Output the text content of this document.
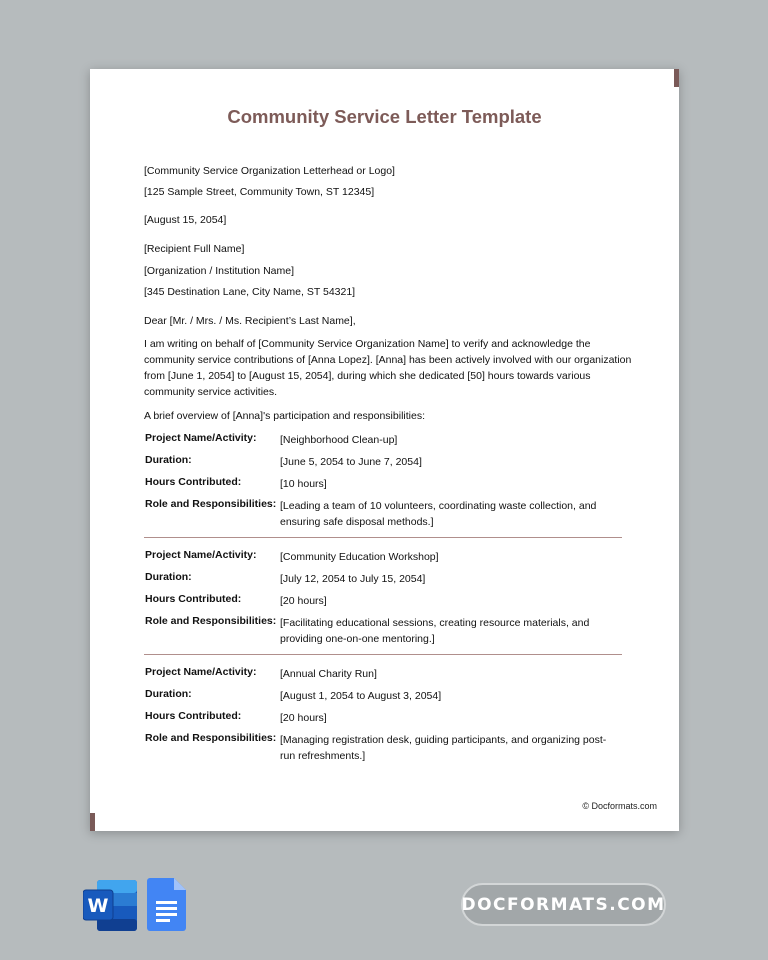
Community Service Letter Template
[Community Service Organization Letterhead or Logo]
[125 Sample Street, Community Town, ST 12345]
[August 15, 2054]
[Recipient Full Name]
[Organization / Institution Name]
[345 Destination Lane, City Name, ST 54321]
Dear [Mr. / Mrs. / Ms. Recipient’s Last Name],
I am writing on behalf of [Community Service Organization Name] to verify and acknowledge the community service contributions of [Anna Lopez]. [Anna] has been actively involved with our organization from [June 1, 2054] to [August 15, 2054], during which she dedicated [50] hours towards various community service activities.
A brief overview of [Anna]'s participation and responsibilities:
Project Name/Activity: [Neighborhood Clean-up]
Duration:	[June 5, 2054 to June 7, 2054]
Hours Contributed:	[10 hours]
Role and Responsibilities: [Leading a team of 10 volunteers, coordinating waste collection, and ensuring safe disposal methods.]
Project Name/Activity: [Community Education Workshop]
Duration:	[July 12, 2054 to July 15, 2054]
Hours Contributed:	[20 hours]
Role and Responsibilities: [Facilitating educational sessions, creating resource materials, and providing one-on-one mentoring.]
Project Name/Activity: [Annual Charity Run]
Duration:	[August 1, 2054 to August 3, 2054]
Hours Contributed:	[20 hours]
Role and Responsibilities: [Managing registration desk, guiding participants, and organizing post-run refreshments.]
© Docformats.com
W	DOCFORMATS.COM
